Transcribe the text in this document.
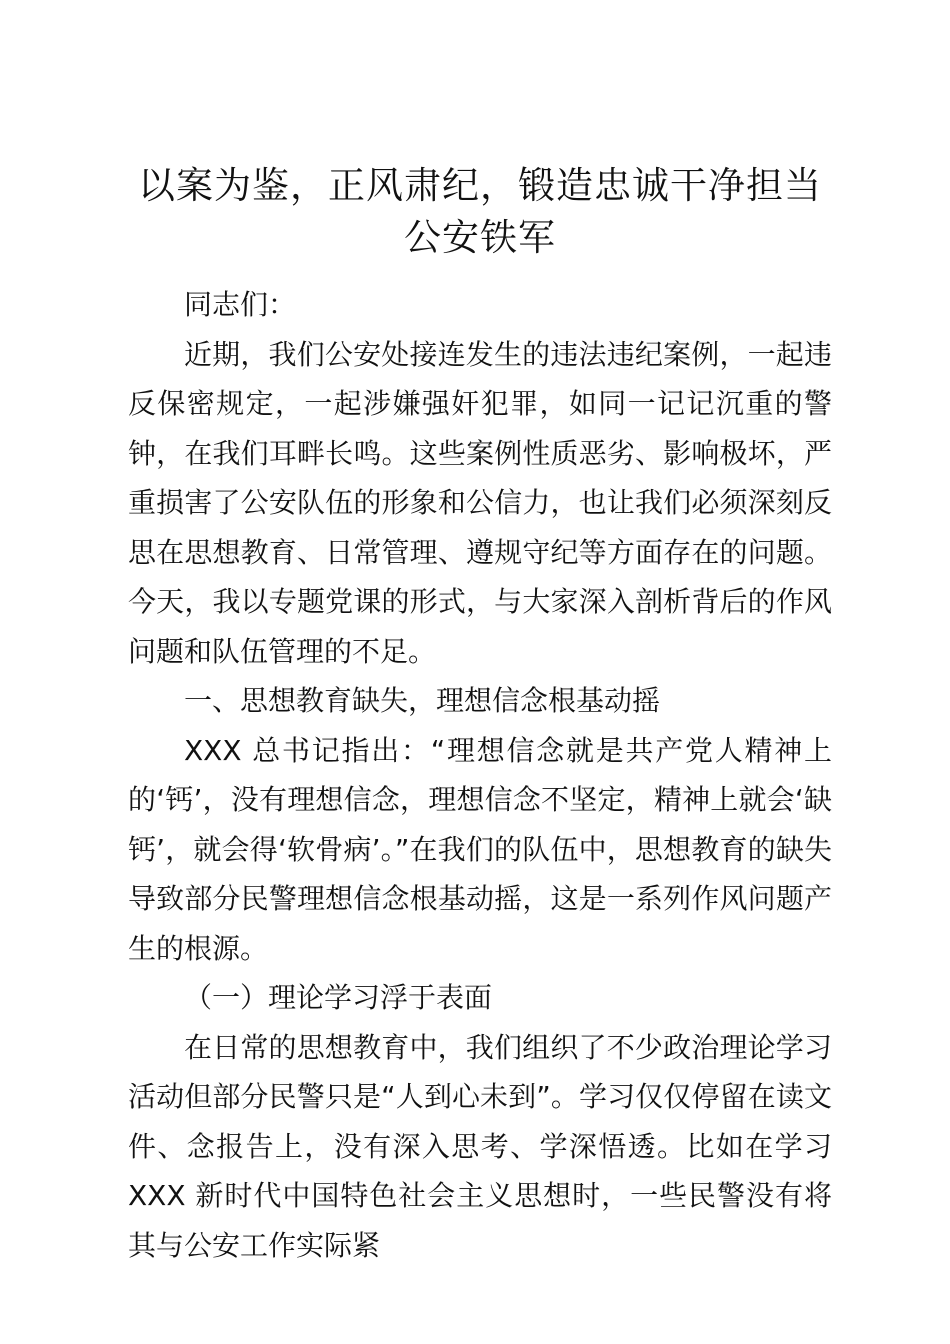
以案为鉴，正风肃纪，锻造忠诚干净担当公安铁军

同志们：

近期，我们公安处接连发生的违法违纪案例，一起违反保密规定，一起涉嫌强奸犯罪，如同一记记沉重的警钟，在我们耳畔长鸣。这些案例性质恶劣、影响极坏，严重损害了公安队伍的形象和公信力，也让我们必须深刻反思在思想教育、日常管理、遵规守纪等方面存在的问题。今天，我以专题党课的形式，与大家深入剖析背后的作风问题和队伍管理的不足。

一、思想教育缺失，理想信念根基动摇

XXX 总书记指出：“理想信念就是共产党人精神上的‘钙’，没有理想信念，理想信念不坚定，精神上就会‘缺钙’，就会得‘软骨病’。”在我们的队伍中，思想教育的缺失导致部分民警理想信念根基动摇，这是一系列作风问题产生的根源。

（一）理论学习浮于表面

在日常的思想教育中，我们组织了不少政治理论学习活动但部分民警只是“人到心未到”。学习仅仅停留在读文件、念报告上，没有深入思考、学深悟透。比如在学习 XXX 新时代中国特色社会主义思想时，一些民警没有将其与公安工作实际紧
